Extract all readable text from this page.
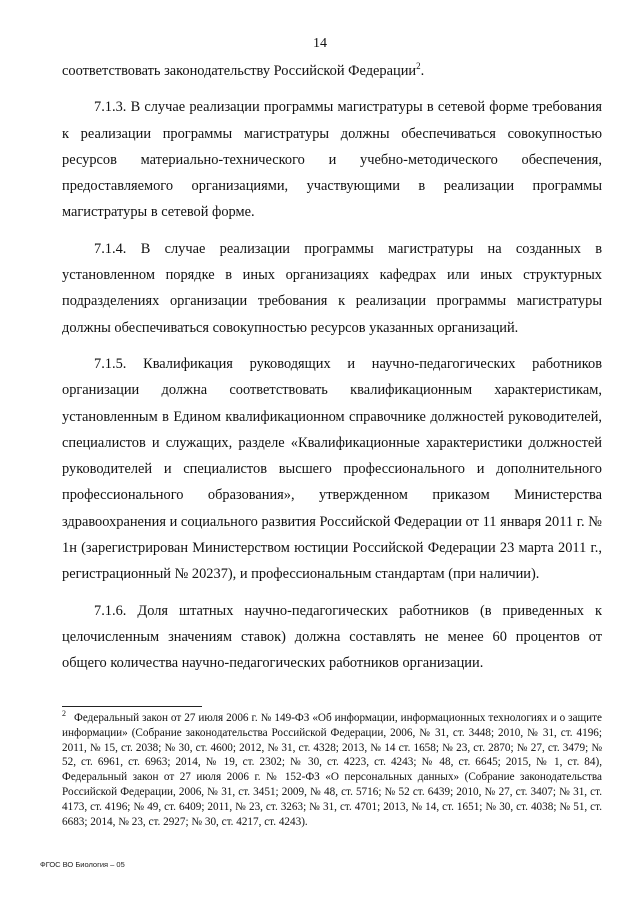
14

соответствовать законодательству Российской Федерации$^2$.

7.1.3. В случае реализации программы магистратуры в сетевой форме требования к реализации программы магистратуры должны обеспечиваться совокупностью ресурсов материально-технического и учебно-методического обеспечения, предоставляемого организациями, участвующими в реализации программы магистратуры в сетевой форме.

7.1.4. В случае реализации программы магистратуры на созданных в установленном порядке в иных организациях кафедрах или иных структурных подразделениях организации требования к реализации программы магистратуры должны обеспечиваться совокупностью ресурсов указанных организаций.

7.1.5. Квалификация руководящих и научно-педагогических работников организации должна соответствовать квалификационным характеристикам, установленным в Едином квалификационном справочнике должностей руководителей, специалистов и служащих, разделе «Квалификационные характеристики должностей руководителей и специалистов высшего профессионального и дополнительного профессионального образования», утвержденном приказом Министерства здравоохранения и социального развития Российской Федерации от 11 января 2011 г. № 1н (зарегистрирован Министерством юстиции Российской Федерации 23 марта 2011 г., регистрационный № 20237), и профессиональным стандартам (при наличии).

7.1.6. Доля штатных научно-педагогических работников (в приведенных к целочисленным значениям ставок) должна составлять не менее 60 процентов от общего количества научно-педагогических работников организации.

$^2$ Федеральный закон от 27 июля 2006 г. № 149-ФЗ «Об информации, информационных технологиях и о защите информации» (Собрание законодательства Российской Федерации, 2006, № 31, ст. 3448; 2010, № 31, ст. 4196; 2011, № 15, ст. 2038; № 30, ст. 4600; 2012, № 31, ст. 4328; 2013, № 14 ст. 1658; № 23, ст. 2870; № 27, ст. 3479; № 52, ст. 6961, ст. 6963; 2014, № 19, ст. 2302; № 30, ст. 4223, ст. 4243; № 48, ст. 6645; 2015, № 1, ст. 84), Федеральный закон от 27 июля 2006 г. № 152-ФЗ «О персональных данных» (Собрание законодательства Российской Федерации, 2006, № 31, ст. 3451; 2009, № 48, ст. 5716; № 52 ст. 6439; 2010, № 27, ст. 3407; № 31, ст. 4173, ст. 4196; № 49, ст. 6409; 2011, № 23, ст. 3263; № 31, ст. 4701; 2013, № 14, ст. 1651; № 30, ст. 4038; № 51, ст. 6683; 2014, № 23, ст. 2927; № 30, ст. 4217, ст. 4243).
ФГОС ВО Биология – 05
